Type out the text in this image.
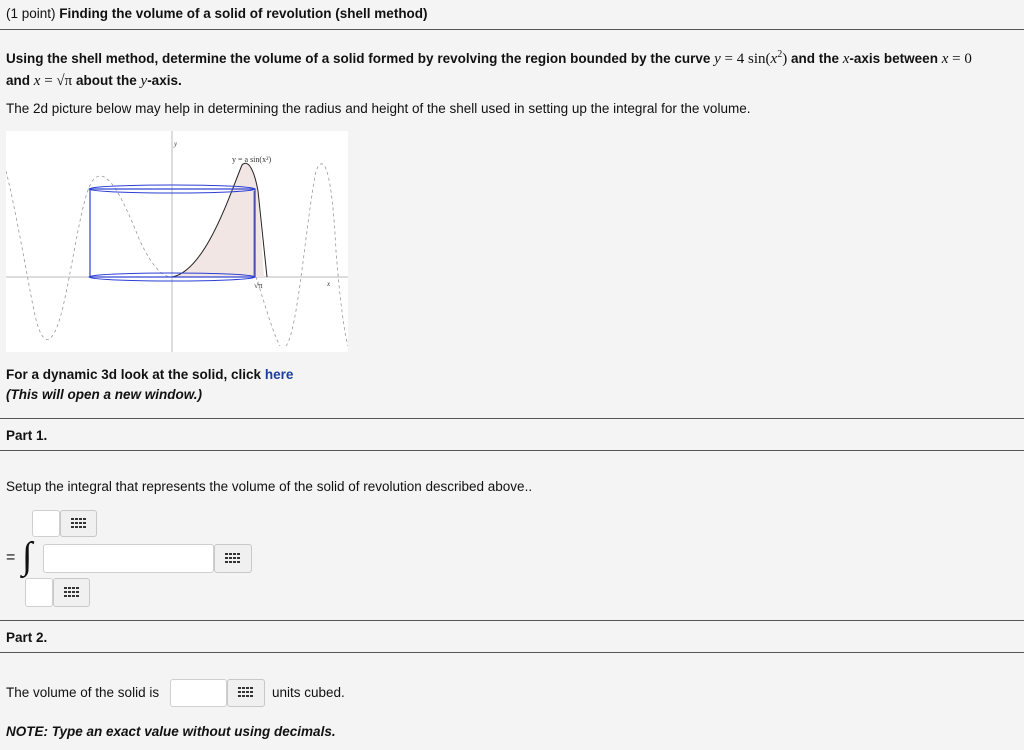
(1 point) Finding the volume of a solid of revolution (shell method)
Using the shell method, determine the volume of a solid formed by revolving the region bounded by the curve y = 4 $\sin(x^2)$ and the x-axis between x = 0
and x = √π about the y-axis.
The 2d picture below may help in determining the radius and height of the shell used in setting up the integral for the volume.
y
y = a sin(x²)
√π	x
For a dynamic 3d look at the solid, click here
(This will open a new window.)
Part 1.
Setup the integral that represents the volume of the solid of revolution described above..
= ∫
Part 2.
The volume of the solid is	units cubed.
NOTE: Type an exact value without using decimals.
